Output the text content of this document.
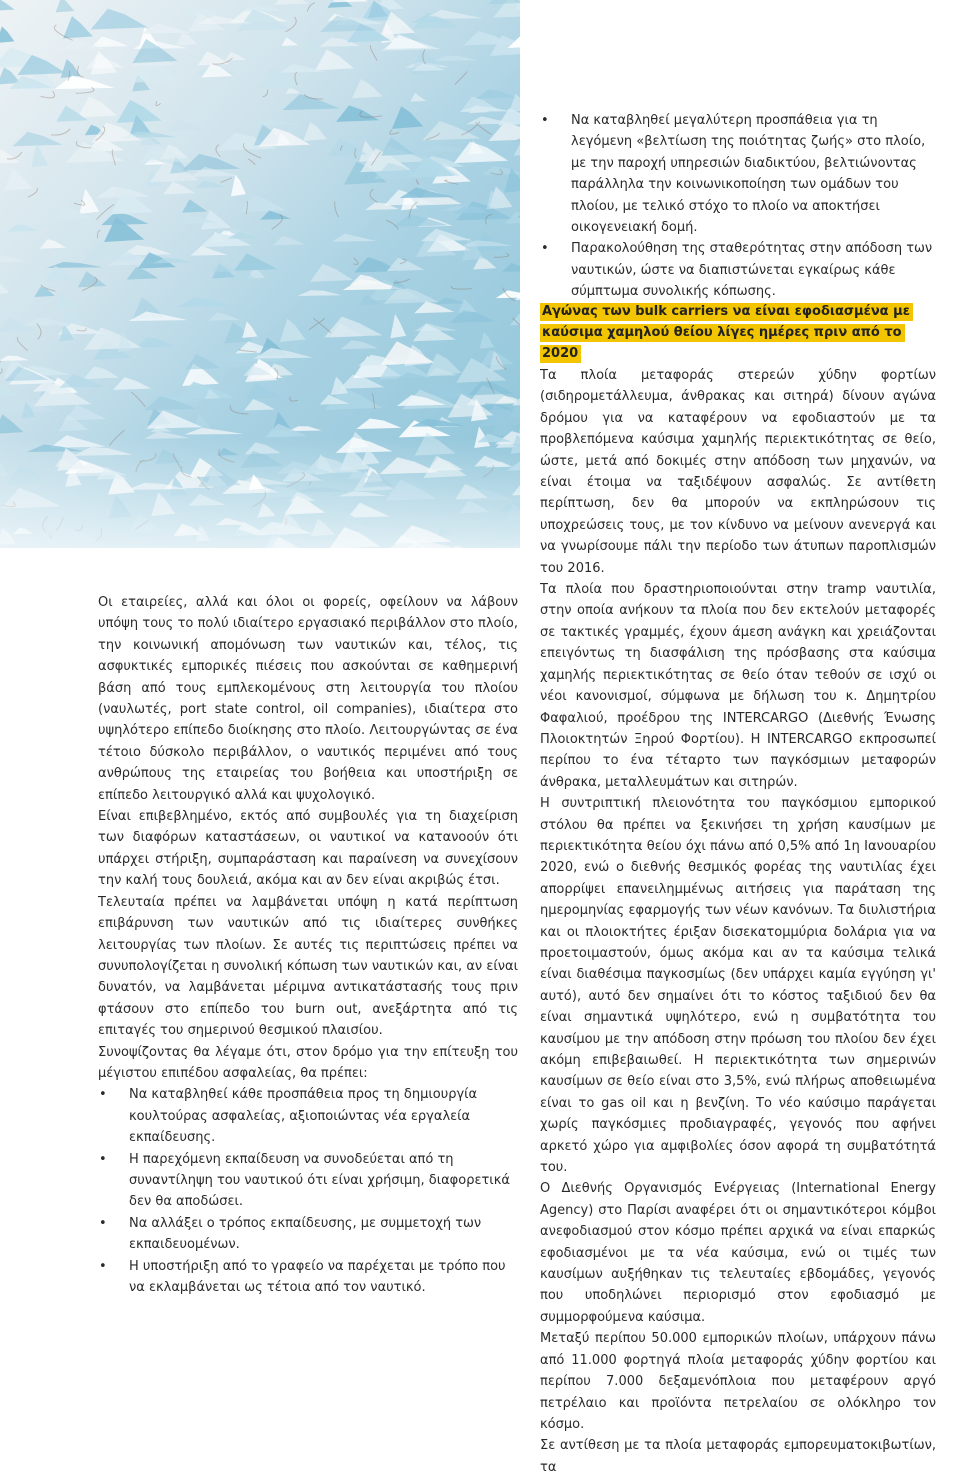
• Να καταβληθεί μεγαλύτερη προσπάθεια για τη λεγόμενη «βελτίωση της ποιότητας ζωής» στο πλοίο, με την παροχή υπηρεσιών διαδικτύου, βελτιώνοντας παράλληλα την κοινωνικοποίηση των ομάδων του πλοίου, με τελικό στόχο το πλοίο να αποκτήσει οικογενειακή δομή.
• Παρακολούθηση της σταθερότητας στην απόδοση των ναυτικών, ώστε να διαπιστώνεται εγκαίρως κάθε σύμπτωμα συνολικής κόπωσης.
Αγώνας των bulk carriers να είναι εφοδιασμένα με
καύσιμα χαμηλού θείου λίγες ημέρες πριν από το 2020

Οι εταιρείες, αλλά και όλοι οι φορείς, οφείλουν να λάβουν υπόψη τους το πολύ ιδιαίτερο εργασιακό περιβάλλον στο πλοίο, την κοινωνική απομόνωση των ναυτικών και, τέλος, τις ασφυκτικές εμπορικές πιέσεις που ασκούνται σε καθημερινή βάση από τους εμπλεκομένους στη λειτουργία του πλοίου (ναυλωτές, port state control, oil companies), ιδιαίτερα στο υψηλότερο επίπεδο διοίκησης στο πλοίο. Λειτουργώντας σε ένα τέτοιο δύσκολο περιβάλλον, ο ναυτικός περιμένει από τους ανθρώπους της εταιρείας του βοήθεια και υποστήριξη σε επίπεδο λειτουργικό αλλά και ψυχολογικό.

Είναι επιβεβλημένο, εκτός από συμβουλές για τη διαχείριση των διαφόρων καταστάσεων, οι ναυτικοί να κατανοούν ότι υπάρχει στήριξη, συμπαράσταση και παραίνεση να συνεχίσουν την καλή τους δουλειά, ακόμα και αν δεν είναι ακριβώς έτσι.

Τελευταία πρέπει να λαμβάνεται υπόψη η κατά περίπτωση επιβάρυνση των ναυτικών από τις ιδιαίτερες συνθήκες λειτουργίας των πλοίων. Σε αυτές τις περιπτώσεις πρέπει να συνυπολογίζεται η συνολική κόπωση των ναυτικών και, αν είναι δυνατόν, να λαμβάνεται μέριμνα αντικατάστασής τους πριν φτάσουν στο επίπεδο του burn out, ανεξάρτητα από τις επιταγές του σημερινού θεσμικού πλαισίου.

Συνοψίζοντας θα λέγαμε ότι, στον δρόμο για την επίτευξη του μέγιστου επιπέδου ασφαλείας, θα πρέπει:

• Να καταβληθεί κάθε προσπάθεια προς τη δημιουργία κουλτούρας ασφαλείας, αξιοποιώντας νέα εργαλεία εκπαίδευσης.
• Η παρεχόμενη εκπαίδευση να συνοδεύεται από τη συναντίληψη του ναυτικού ότι είναι χρήσιμη, διαφορετικά δεν θα αποδώσει.
• Να αλλάξει ο τρόπος εκπαίδευσης, με συμμετοχή των εκπαιδευομένων.
• Η υποστήριξη από το γραφείο να παρέχεται με τρόπο που να εκλαμβάνεται ως τέτοια από τον ναυτικό.

Τα πλοία μεταφοράς στερεών χύδην φορτίων (σιδηρομετάλλευμα, άνθρακας και σιτηρά) δίνουν αγώνα δρόμου για να καταφέρουν να εφοδιαστούν με τα προβλεπόμενα καύσιμα χαμηλής περιεκτικότητας σε θείο, ώστε, μετά από δοκιμές στην απόδοση των μηχανών, να είναι έτοιμα να ταξιδέψουν ασφαλώς. Σε αντίθετη περίπτωση, δεν θα μπορούν να εκπληρώσουν τις υποχρεώσεις τους, με τον κίνδυνο να μείνουν ανενεργά και να γνωρίσουμε πάλι την περίοδο των άτυπων παροπλισμών του 2016.

Τα πλοία που δραστηριοποιούνται στην tramp ναυτιλία, στην οποία ανήκουν τα πλοία που δεν εκτελούν μεταφορές σε τακτικές γραμμές, έχουν άμεση ανάγκη και χρειάζονται επειγόντως τη διασφάλιση της πρόσβασης στα καύσιμα χαμηλής περιεκτικότητας σε θείο όταν τεθούν σε ισχύ οι νέοι κανονισμοί, σύμφωνα με δήλωση του κ. Δημητρίου Φαφαλιού, προέδρου της INTERCARGO (Διεθνής Ένωσης Πλοιοκτητών Ξηρού Φορτίου). Η INTERCARGO εκπροσωπεί περίπου το ένα τέταρτο των παγκόσμιων μεταφορών άνθρακα, μεταλλευμάτων και σιτηρών.

Η συντριπτική πλειονότητα του παγκόσμιου εμπορικού στόλου θα πρέπει να ξεκινήσει τη χρήση καυσίμων με περιεκτικότητα θείου όχι πάνω από 0,5% από 1η Ιανουαρίου 2020, ενώ ο διεθνής θεσμικός φορέας της ναυτιλίας έχει απορρίψει επανειλημμένως αιτήσεις για παράταση της ημερομηνίας εφαρμογής των νέων κανόνων. Τα διυλιστήρια και οι πλοιοκτήτες έριξαν δισεκατομμύρια δολάρια για να προετοιμαστούν, όμως ακόμα και αν τα καύσιμα τελικά είναι διαθέσιμα παγκοσμίως (δεν υπάρχει καμία εγγύηση γι' αυτό), αυτό δεν σημαίνει ότι το κόστος ταξιδιού δεν θα είναι σημαντικά υψηλότερο, ενώ η συμβατότητα του καυσίμου με την απόδοση στην πρόωση του πλοίου δεν έχει ακόμη επιβεβαιωθεί. Η περιεκτικότητα των σημερινών καυσίμων σε θείο είναι στο 3,5%, ενώ πλήρως αποθειωμένα είναι το gas oil και η βενζίνη. Το νέο καύσιμο παράγεται χωρίς παγκόσμιες προδιαγραφές, γεγονός που αφήνει αρκετό χώρο για αμφιβολίες όσον αφορά τη συμβατότητά του.

Ο Διεθνής Οργανισμός Ενέργειας (International Energy Agency) στο Παρίσι αναφέρει ότι οι σημαντικότεροι κόμβοι ανεφοδιασμού στον κόσμο πρέπει αρχικά να είναι επαρκώς εφοδιασμένοι με τα νέα καύσιμα, ενώ οι τιμές των καυσίμων αυξήθηκαν τις τελευταίες εβδομάδες, γεγονός που υποδηλώνει περιορισμό στον εφοδιασμό με συμμορφούμενα καύσιμα.

Μεταξύ περίπου 50.000 εμπορικών πλοίων, υπάρχουν πάνω από 11.000 φορτηγά πλοία μεταφοράς χύδην φορτίου και περίπου 7.000 δεξαμενόπλοια που μεταφέρουν αργό πετρέλαιο και προϊόντα πετρελαίου σε ολόκληρο τον κόσμο.

Σε αντίθεση με τα πλοία μεταφοράς εμπορευματοκιβωτίων, τα
